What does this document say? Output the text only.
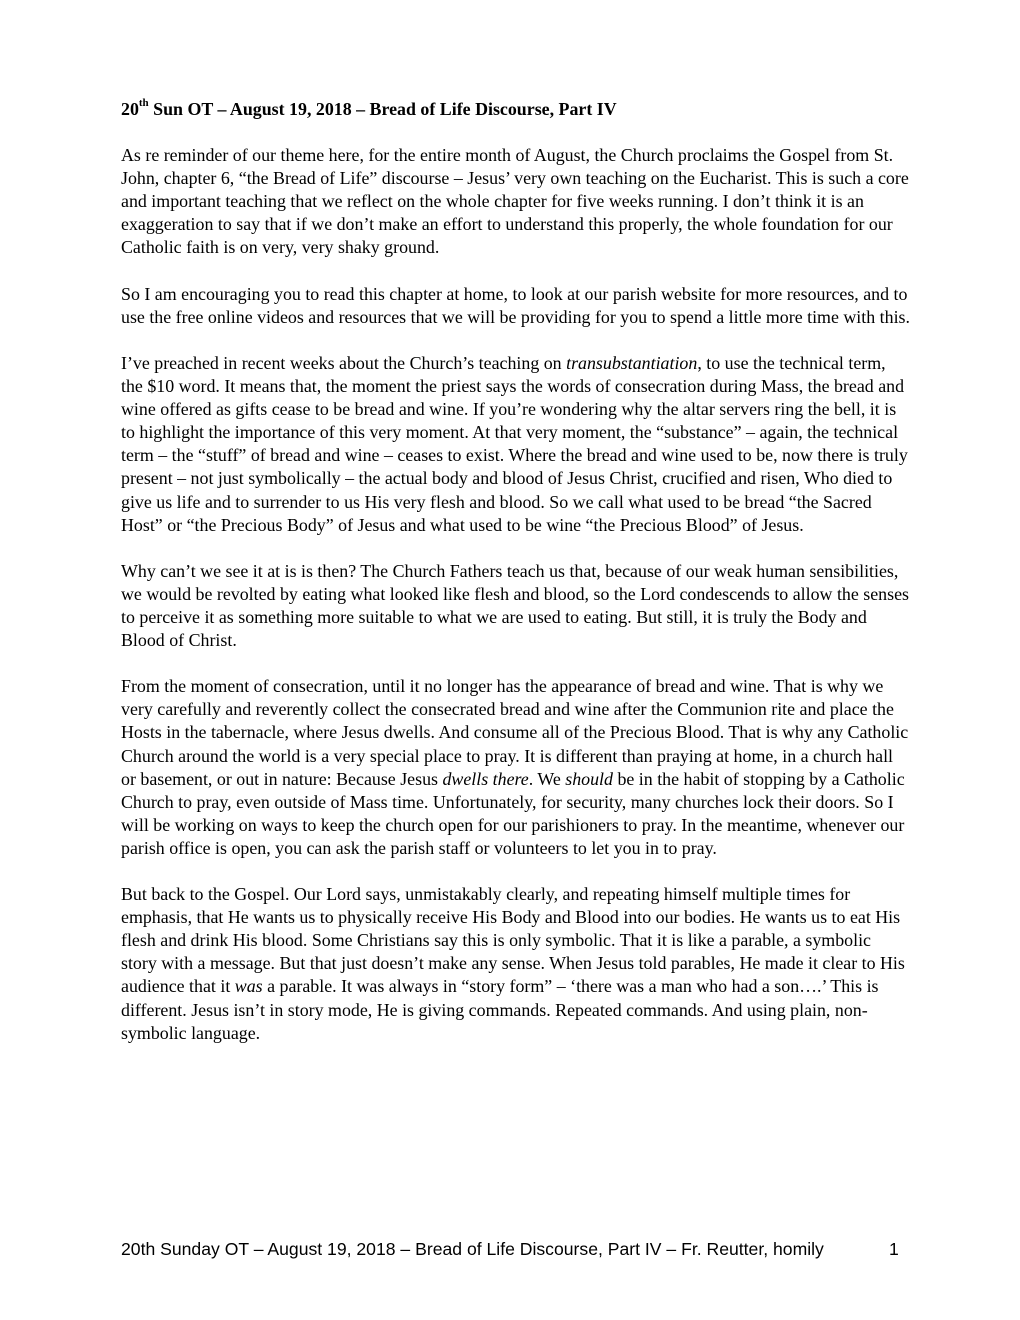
20th Sun OT – August 19, 2018 – Bread of Life Discourse, Part IV

As re reminder of our theme here, for the entire month of August, the Church proclaims the Gospel from St. John, chapter 6, “the Bread of Life” discourse – Jesus’ very own teaching on the Eucharist. This is such a core and important teaching that we reflect on the whole chapter for five weeks running. I don’t think it is an exaggeration to say that if we don’t make an effort to understand this properly, the whole foundation for our Catholic faith is on very, very shaky ground.

So I am encouraging you to read this chapter at home, to look at our parish website for more resources, and to use the free online videos and resources that we will be providing for you to spend a little more time with this.

I’ve preached in recent weeks about the Church’s teaching on transubstantiation, to use the technical term, the $10 word. It means that, the moment the priest says the words of consecration during Mass, the bread and wine offered as gifts cease to be bread and wine. If you’re wondering why the altar servers ring the bell, it is to highlight the importance of this very moment. At that very moment, the “substance” – again, the technical term – the “stuff” of bread and wine – ceases to exist. Where the bread and wine used to be, now there is truly present – not just symbolically – the actual body and blood of Jesus Christ, crucified and risen, Who died to give us life and to surrender to us His very flesh and blood. So we call what used to be bread “the Sacred Host” or “the Precious Body” of Jesus and what used to be wine “the Precious Blood” of Jesus.

Why can’t we see it at is is then? The Church Fathers teach us that, because of our weak human sensibilities, we would be revolted by eating what looked like flesh and blood, so the Lord condescends to allow the senses to perceive it as something more suitable to what we are used to eating. But still, it is truly the Body and Blood of Christ.

From the moment of consecration, until it no longer has the appearance of bread and wine. That is why we very carefully and reverently collect the consecrated bread and wine after the Communion rite and place the Hosts in the tabernacle, where Jesus dwells. And consume all of the Precious Blood. That is why any Catholic Church around the world is a very special place to pray. It is different than praying at home, in a church hall or basement, or out in nature: Because Jesus dwells there. We should be in the habit of stopping by a Catholic Church to pray, even outside of Mass time. Unfortunately, for security, many churches lock their doors. So I will be working on ways to keep the church open for our parishioners to pray. In the meantime, whenever our parish office is open, you can ask the parish staff or volunteers to let you in to pray.

But back to the Gospel. Our Lord says, unmistakably clearly, and repeating himself multiple times for emphasis, that He wants us to physically receive His Body and Blood into our bodies. He wants us to eat His flesh and drink His blood. Some Christians say this is only symbolic. That it is like a parable, a symbolic story with a message. But that just doesn’t make any sense. When Jesus told parables, He made it clear to His audience that it was a parable. It was always in “story form” – ‘there was a man who had a son….’ This is different. Jesus isn’t in story mode, He is giving commands. Repeated commands. And using plain, non-symbolic language.

20th Sunday OT – August 19, 2018 – Bread of Life Discourse, Part IV – Fr. Reutter, homily	1
